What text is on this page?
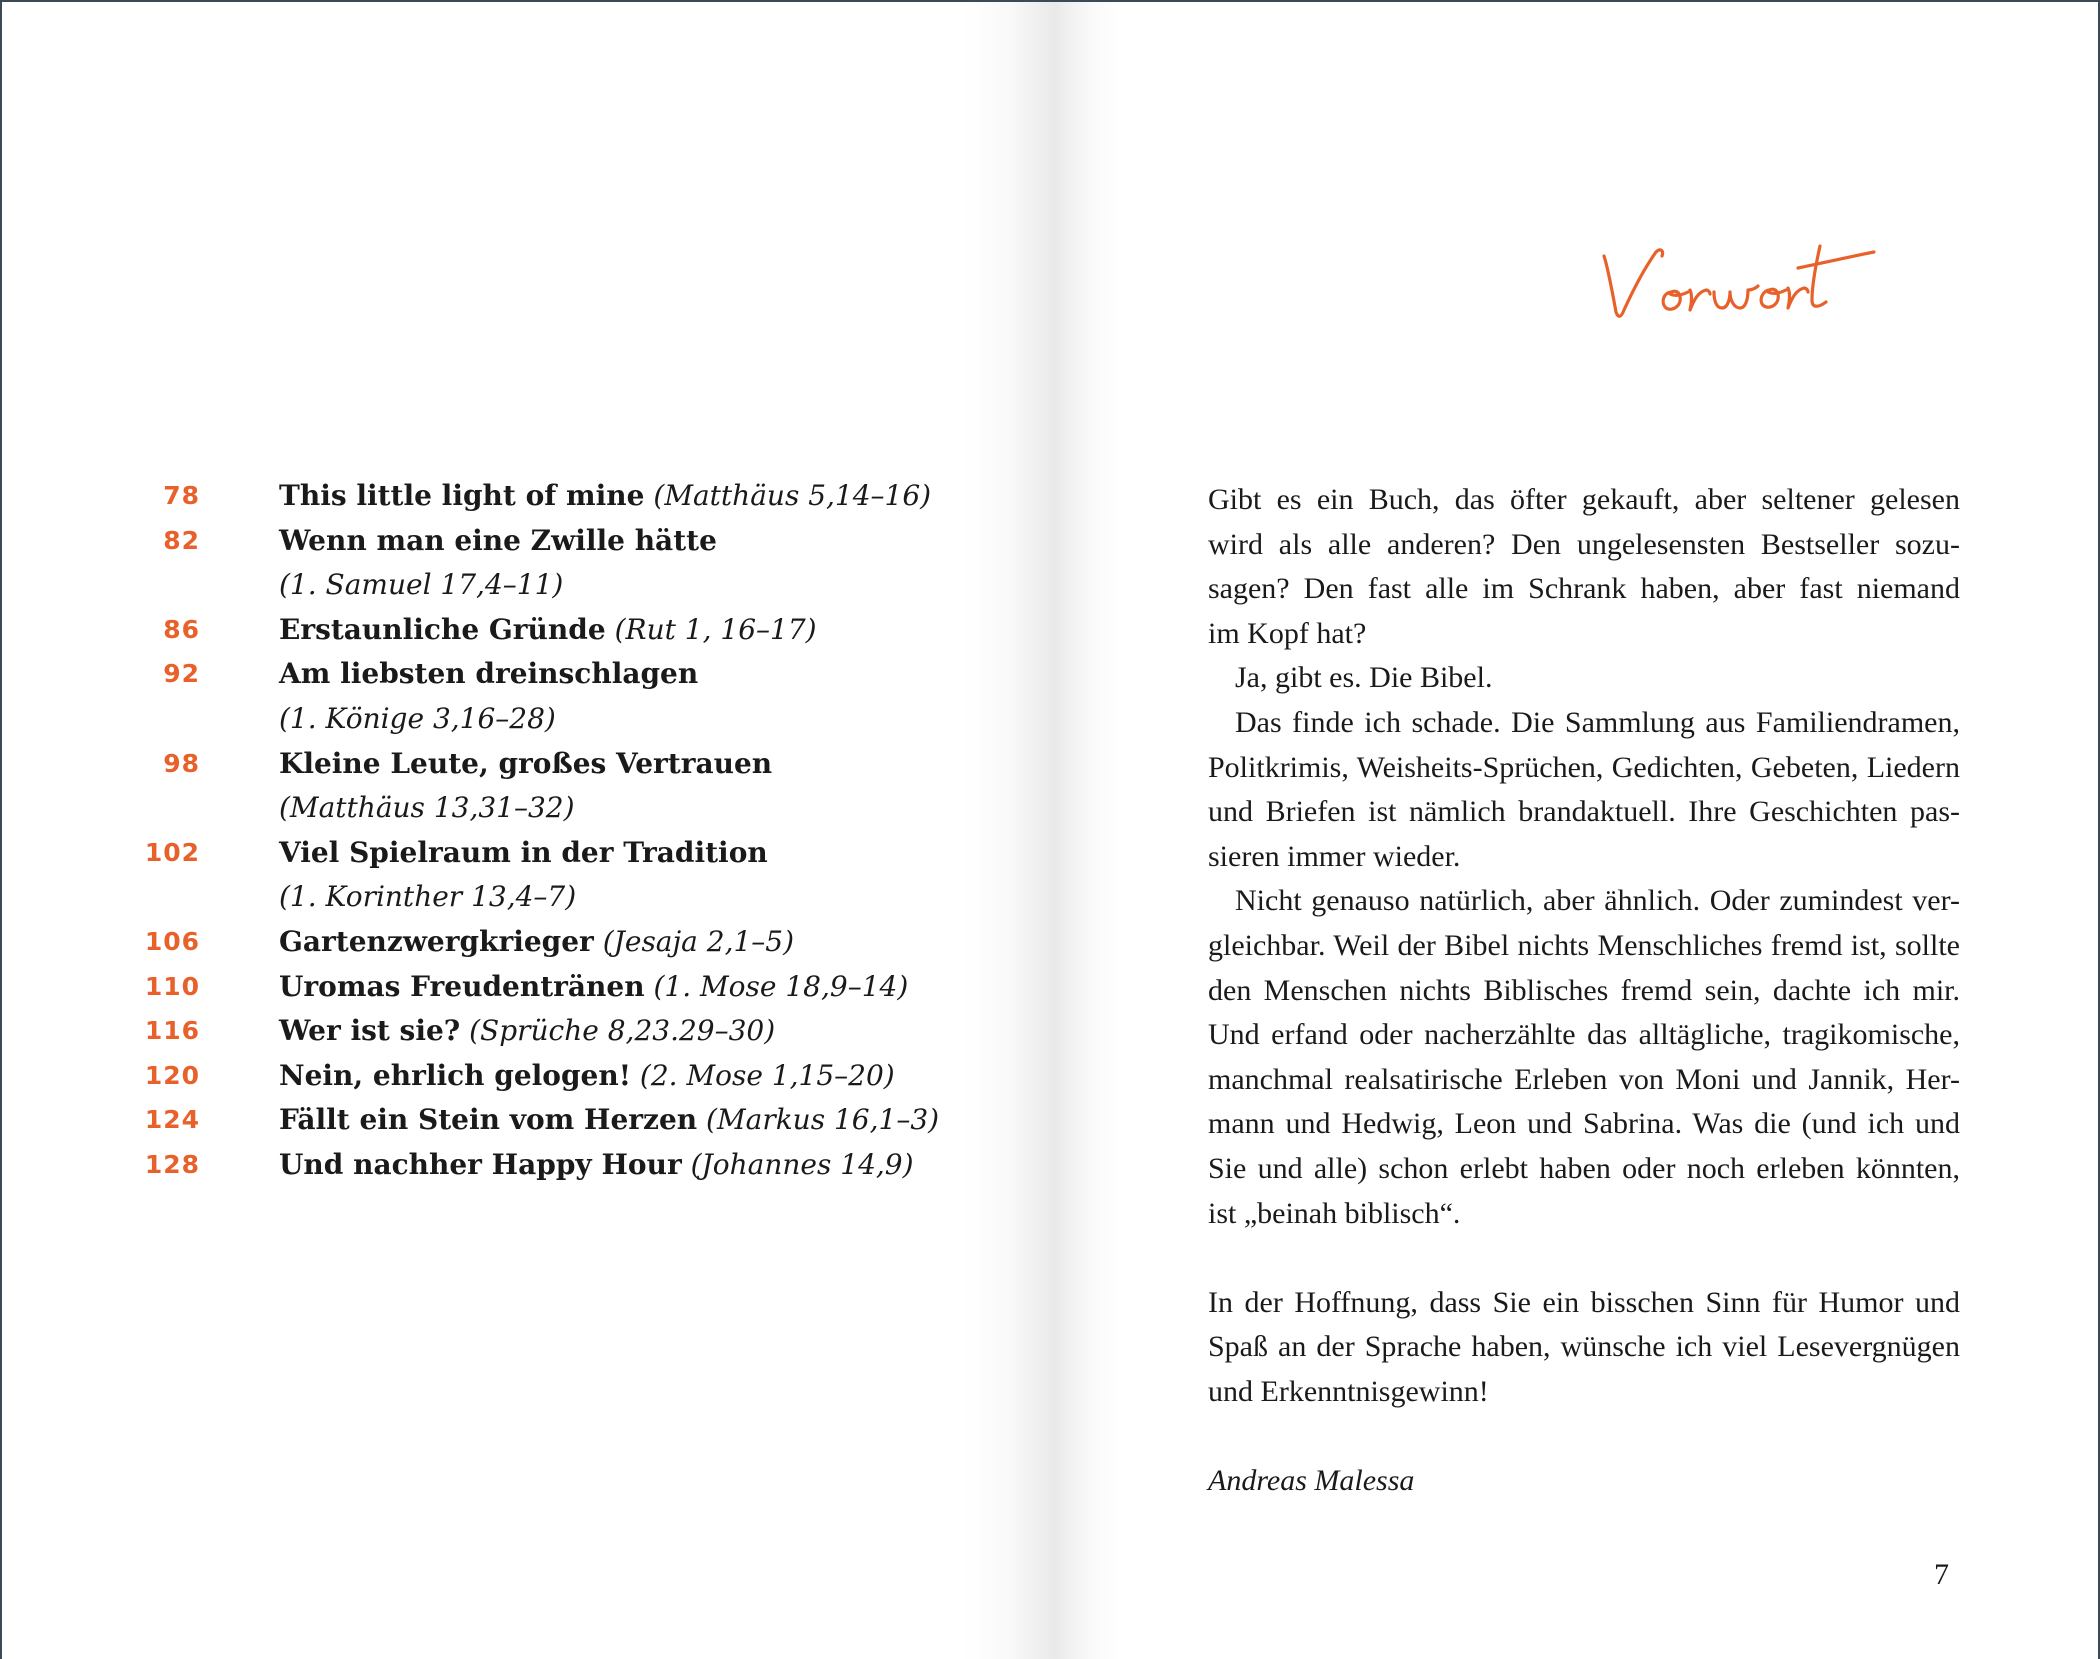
78	This little light of mine (Matthäus 5,14–16)
82	Wenn man eine Zwille hätte
(1. Samuel 17,4–11)
86	Erstaunliche Gründe (Rut 1, 16–17)
92	Am liebsten dreinschlagen
(1. Könige 3,16–28)
98	Kleine Leute, großes Vertrauen
(Matthäus 13,31–32)
102	Viel Spielraum in der Tradition
(1. Korinther 13,4–7)
106	Gartenzwergkrieger (Jesaja 2,1–5)
110	Uromas Freudentränen (1. Mose 18,9–14)
116	Wer ist sie? (Sprüche 8,23.29–30)
120	Nein, ehrlich gelogen! (2. Mose 1,15–20)
124	Fällt ein Stein vom Herzen (Markus 16,1–3)
128	Und nachher Happy Hour (Johannes 14,9)
Gibt es ein Buch, das öfter gekauft, aber seltener gelesen
wird als alle anderen? Den ungelesensten Bestseller sozu-
sagen? Den fast alle im Schrank haben, aber fast niemand
im Kopf hat?
Ja, gibt es. Die Bibel.
Das finde ich schade. Die Sammlung aus Familiendramen,
Politkrimis, Weisheits-Sprüchen, Gedichten, Gebeten, Liedern
und Briefen ist nämlich brandaktuell. Ihre Geschichten pas-
sieren immer wieder.
Nicht genauso natürlich, aber ähnlich. Oder zumindest ver-
gleichbar. Weil der Bibel nichts Menschliches fremd ist, sollte
den Menschen nichts Biblisches fremd sein, dachte ich mir.
Und erfand oder nacherzählte das alltägliche, tragikomische,
manchmal realsatirische Erleben von Moni und Jannik, Her-
mann und Hedwig, Leon und Sabrina. Was die (und ich und
Sie und alle) schon erlebt haben oder noch erleben könnten,
ist „beinah biblisch“.
In der Hoffnung, dass Sie ein bisschen Sinn für Humor und
Spaß an der Sprache haben, wünsche ich viel Lesevergnügen
und Erkenntnisgewinn!
Andreas Malessa
7
